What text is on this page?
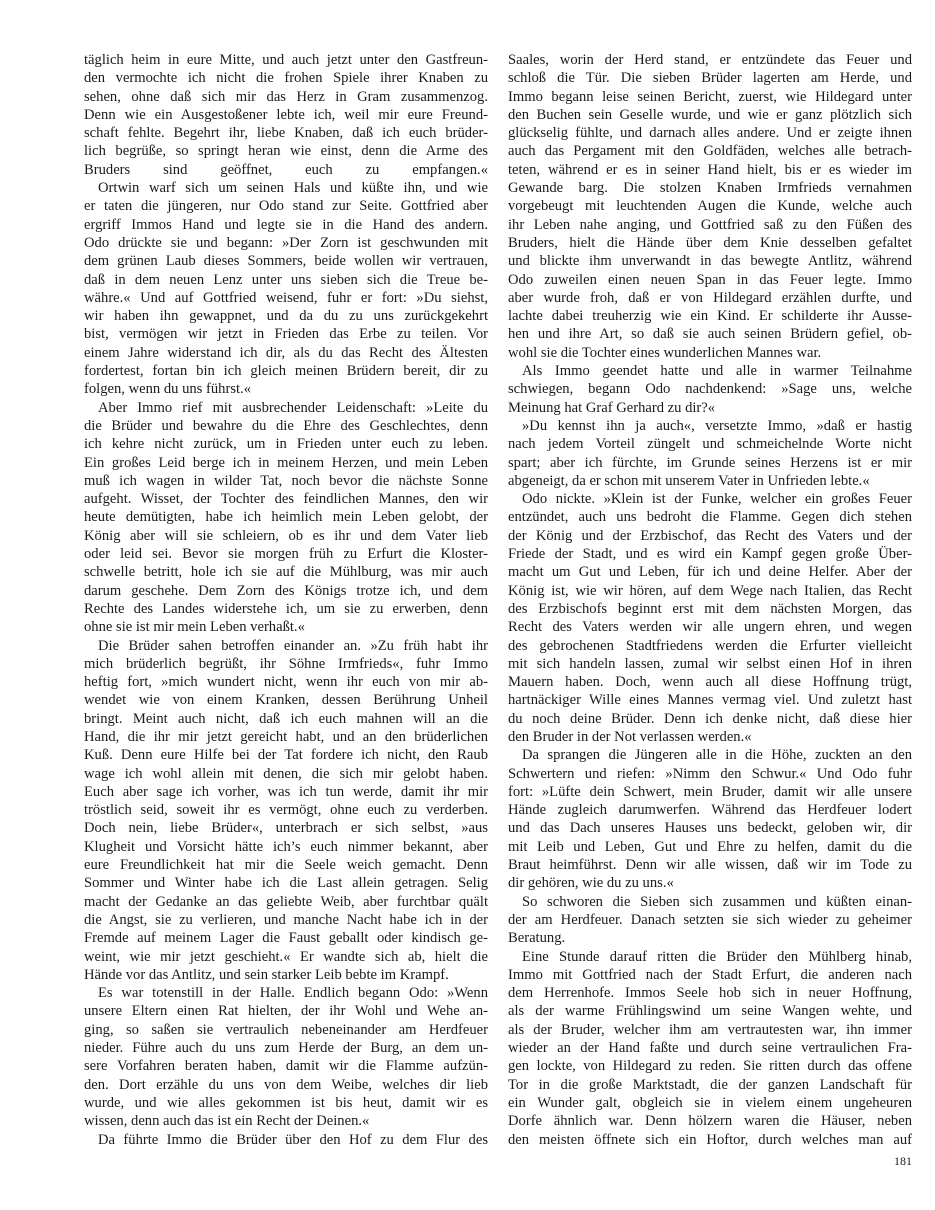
täglich heim in eure Mitte, und auch jetzt unter den Gastfreun-
den vermochte ich nicht die frohen Spiele ihrer Knaben zu
sehen, ohne daß sich mir das Herz in Gram zusammenzog.
Denn wie ein Ausgestoßener lebte ich, weil mir eure Freund-
schaft fehlte. Begehrt ihr, liebe Knaben, daß ich euch brüder-
lich begrüße, so springt heran wie einst, denn die Arme des
Bruders sind geöffnet, euch zu empfangen.«
Ortwin warf sich um seinen Hals und küßte ihn, und wie
er taten die jüngeren, nur Odo stand zur Seite. Gottfried aber
ergriff Immos Hand und legte sie in die Hand des andern.
Odo drückte sie und begann: »Der Zorn ist geschwunden mit
dem grünen Laub dieses Sommers, beide wollen wir vertrauen,
daß in dem neuen Lenz unter uns sieben sich die Treue be-
währe.« Und auf Gottfried weisend, fuhr er fort: »Du siehst,
wir haben ihn gewappnet, und da du zu uns zurückgekehrt
bist, vermögen wir jetzt in Frieden das Erbe zu teilen. Vor
einem Jahre widerstand ich dir, als du das Recht des Ältesten
fordertest, fortan bin ich gleich meinen Brüdern bereit, dir zu
folgen, wenn du uns führst.«
Aber Immo rief mit ausbrechender Leidenschaft: »Leite du
die Brüder und bewahre du die Ehre des Geschlechtes, denn
ich kehre nicht zurück, um in Frieden unter euch zu leben.
Ein großes Leid berge ich in meinem Herzen, und mein Leben
muß ich wagen in wilder Tat, noch bevor die nächste Sonne
aufgeht. Wisset, der Tochter des feindlichen Mannes, den wir
heute demütigten, habe ich heimlich mein Leben gelobt, der
König aber will sie schleiern, ob es ihr und dem Vater lieb
oder leid sei. Bevor sie morgen früh zu Erfurt die Kloster-
schwelle betritt, hole ich sie auf die Mühlburg, was mir auch
darum geschehe. Dem Zorn des Königs trotze ich, und dem
Rechte des Landes widerstehe ich, um sie zu erwerben, denn
ohne sie ist mir mein Leben verhaßt.«
Die Brüder sahen betroffen einander an. »Zu früh habt ihr
mich brüderlich begrüßt, ihr Söhne Irmfrieds«, fuhr Immo
heftig fort, »mich wundert nicht, wenn ihr euch von mir ab-
wendet wie von einem Kranken, dessen Berührung Unheil
bringt. Meint auch nicht, daß ich euch mahnen will an die
Hand, die ihr mir jetzt gereicht habt, und an den brüderlichen
Kuß. Denn eure Hilfe bei der Tat fordere ich nicht, den Raub
wage ich wohl allein mit denen, die sich mir gelobt haben.
Euch aber sage ich vorher, was ich tun werde, damit ihr mir
tröstlich seid, soweit ihr es vermögt, ohne euch zu verderben.
Doch nein, liebe Brüder«, unterbrach er sich selbst, »aus
Klugheit und Vorsicht hätte ich’s euch nimmer bekannt, aber
eure Freundlichkeit hat mir die Seele weich gemacht. Denn
Sommer und Winter habe ich die Last allein getragen. Selig
macht der Gedanke an das geliebte Weib, aber furchtbar quält
die Angst, sie zu verlieren, und manche Nacht habe ich in der
Fremde auf meinem Lager die Faust geballt oder kindisch ge-
weint, wie mir jetzt geschieht.« Er wandte sich ab, hielt die
Hände vor das Antlitz, und sein starker Leib bebte im Krampf.
Es war totenstill in der Halle. Endlich begann Odo: »Wenn
unsere Eltern einen Rat hielten, der ihr Wohl und Wehe an-
ging, so saßen sie vertraulich nebeneinander am Herdfeuer
nieder. Führe auch du uns zum Herde der Burg, an dem un-
sere Vorfahren beraten haben, damit wir die Flamme aufzün-
den. Dort erzähle du uns von dem Weibe, welches dir lieb
wurde, und wie alles gekommen ist bis heut, damit wir es
wissen, denn auch das ist ein Recht der Deinen.«
Da führte Immo die Brüder über den Hof zu dem Flur des
Saales, worin der Herd stand, er entzündete das Feuer und
schloß die Tür. Die sieben Brüder lagerten am Herde, und
Immo begann leise seinen Bericht, zuerst, wie Hildegard unter
den Buchen sein Geselle wurde, und wie er ganz plötzlich sich
glückselig fühlte, und darnach alles andere. Und er zeigte ihnen
auch das Pergament mit den Goldfäden, welches alle betrach-
teten, während er es in seiner Hand hielt, bis er es wieder im
Gewande barg. Die stolzen Knaben Irmfrieds vernahmen
vorgebeugt mit leuchtenden Augen die Kunde, welche auch
ihr Leben nahe anging, und Gottfried saß zu den Füßen des
Bruders, hielt die Hände über dem Knie desselben gefaltet
und blickte ihm unverwandt in das bewegte Antlitz, während
Odo zuweilen einen neuen Span in das Feuer legte. Immo
aber wurde froh, daß er von Hildegard erzählen durfte, und
lachte dabei treuherzig wie ein Kind. Er schilderte ihr Ausse-
hen und ihre Art, so daß sie auch seinen Brüdern gefiel, ob-
wohl sie die Tochter eines wunderlichen Mannes war.
Als Immo geendet hatte und alle in warmer Teilnahme
schwiegen, begann Odo nachdenkend: »Sage uns, welche
Meinung hat Graf Gerhard zu dir?«
»Du kennst ihn ja auch«, versetzte Immo, »daß er hastig
nach jedem Vorteil züngelt und schmeichelnde Worte nicht
spart; aber ich fürchte, im Grunde seines Herzens ist er mir
abgeneigt, da er schon mit unserem Vater in Unfrieden lebte.«
Odo nickte. »Klein ist der Funke, welcher ein großes Feuer
entzündet, auch uns bedroht die Flamme. Gegen dich stehen
der König und der Erzbischof, das Recht des Vaters und der
Friede der Stadt, und es wird ein Kampf gegen große Über-
macht um Gut und Leben, für ich und deine Helfer. Aber der
König ist, wie wir hören, auf dem Wege nach Italien, das Recht
des Erzbischofs beginnt erst mit dem nächsten Morgen, das
Recht des Vaters werden wir alle ungern ehren, und wegen
des gebrochenen Stadtfriedens werden die Erfurter vielleicht
mit sich handeln lassen, zumal wir selbst einen Hof in ihren
Mauern haben. Doch, wenn auch all diese Hoffnung trügt,
hartnäckiger Wille eines Mannes vermag viel. Und zuletzt hast
du noch deine Brüder. Denn ich denke nicht, daß diese hier
den Bruder in der Not verlassen werden.«
Da sprangen die Jüngeren alle in die Höhe, zuckten an den
Schwertern und riefen: »Nimm den Schwur.« Und Odo fuhr
fort: »Lüfte dein Schwert, mein Bruder, damit wir alle unsere
Hände zugleich darumwerfen. Während das Herdfeuer lodert
und das Dach unseres Hauses uns bedeckt, geloben wir, dir
mit Leib und Leben, Gut und Ehre zu helfen, damit du die
Braut heimführst. Denn wir alle wissen, daß wir im Tode zu
dir gehören, wie du zu uns.«
So schworen die Sieben sich zusammen und küßten einan-
der am Herdfeuer. Danach setzten sie sich wieder zu geheimer
Beratung.
Eine Stunde darauf ritten die Brüder den Mühlberg hinab,
Immo mit Gottfried nach der Stadt Erfurt, die anderen nach
dem Herrenhofe. Immos Seele hob sich in neuer Hoffnung,
als der warme Frühlingswind um seine Wangen wehte, und
als der Bruder, welcher ihm am vertrautesten war, ihn immer
wieder an der Hand faßte und durch seine vertraulichen Fra-
gen lockte, von Hildegard zu reden. Sie ritten durch das offene
Tor in die große Marktstadt, die der ganzen Landschaft für
ein Wunder galt, obgleich sie in vielem einem ungeheuren
Dorfe ähnlich war. Denn hölzern waren die Häuser, neben
den meisten öffnete sich ein Hoftor, durch welches man auf
181
